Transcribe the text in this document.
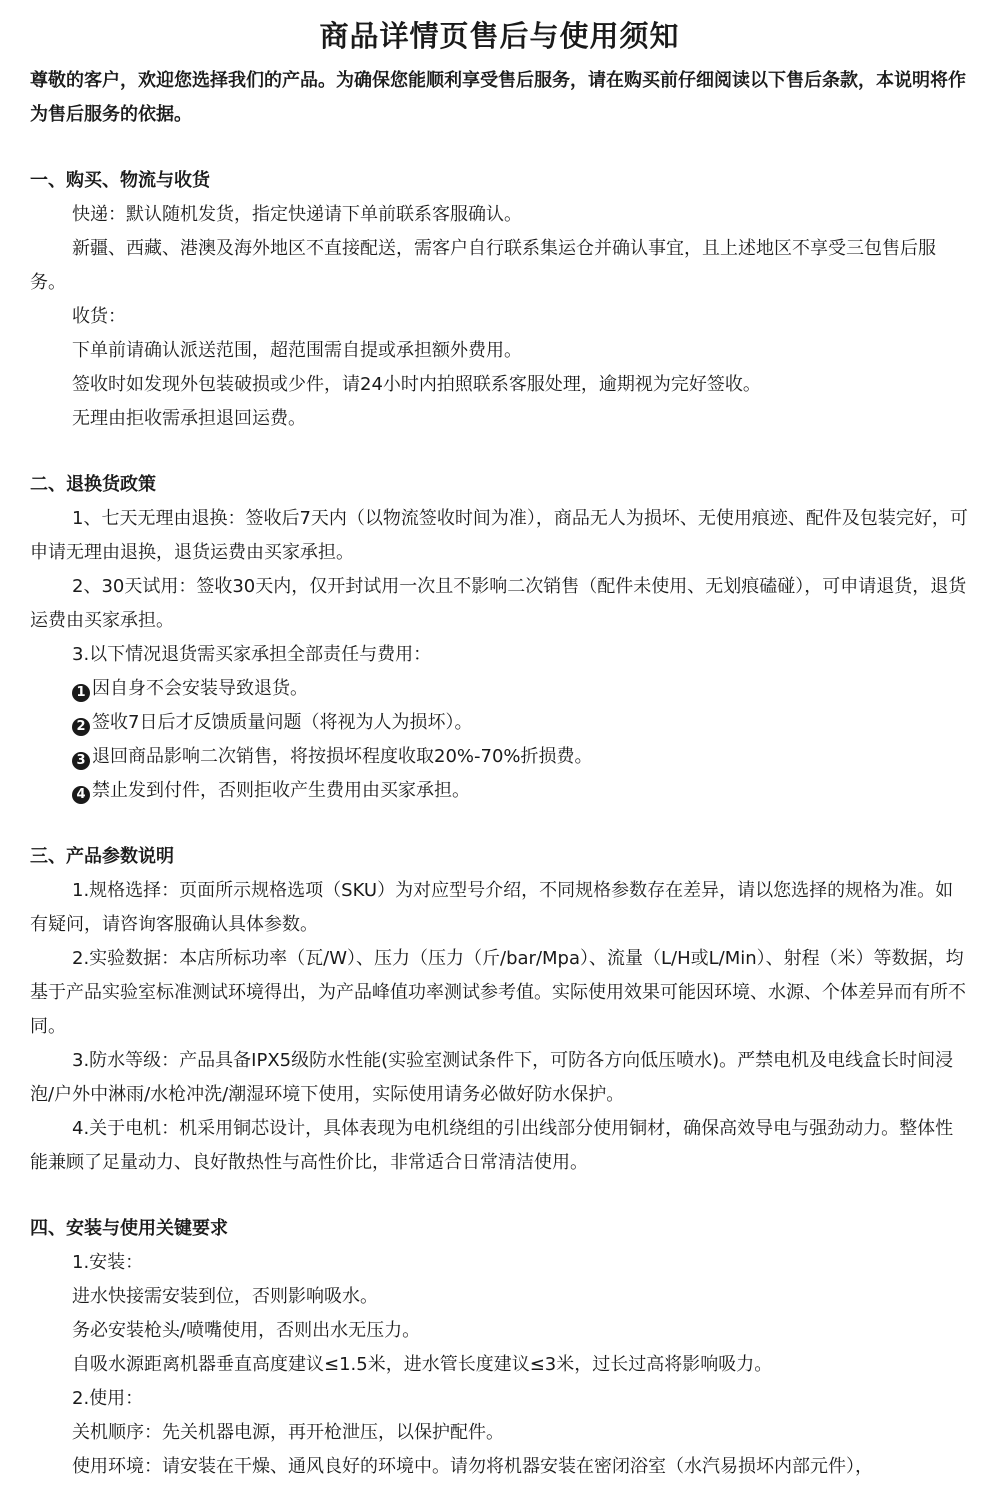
商品详情页售后与使用须知

尊敬的客户，欢迎您选择我们的产品。为确保您能顺利享受售后服务，请在购买前仔细阅读以下售后条款，本说明将作为售后服务的依据。

一、购买、物流与收货

快递：默认随机发货，指定快递请下单前联系客服确认。

新疆、西藏、港澳及海外地区不直接配送，需客户自行联系集运仓并确认事宜，且上述地区不享受三包售后服务。

收货：

下单前请确认派送范围，超范围需自提或承担额外费用。

签收时如发现外包装破损或少件，请24小时内拍照联系客服处理，逾期视为完好签收。

无理由拒收需承担退回运费。

二、退换货政策

1、七天无理由退换：签收后7天内（以物流签收时间为准），商品无人为损坏、无使用痕迹、配件及包装完好，可申请无理由退换，退货运费由买家承担。

2、30天试用：签收30天内，仅开封试用一次且不影响二次销售（配件未使用、无划痕磕碰），可申请退货，退货运费由买家承担。

3.以下情况退货需买家承担全部责任与费用：

1 因自身不会安装导致退货。

2 签收7日后才反馈质量问题（将视为人为损坏）。

3 退回商品影响二次销售，将按损坏程度收取20%-70%折损费。

4 禁止发到付件，否则拒收产生费用由买家承担。

三、产品参数说明

1.规格选择：页面所示规格选项（SKU）为对应型号介绍，不同规格参数存在差异，请以您选择的规格为准。如有疑问，请咨询客服确认具体参数。

2.实验数据：本店所标功率（瓦/W）、压力（压力（斤/bar/Mpa）、流量（L/H或L/Min）、射程（米）等数据，均基于产品实验室标准测试环境得出，为产品峰值功率测试参考值。实际使用效果可能因环境、水源、个体差异而有所不同。

3.防水等级：产品具备IPX5级防水性能(实验室测试条件下，可防各方向低压喷水)。严禁电机及电线盒长时间浸泡/户外中淋雨/水枪冲洗/潮湿环境下使用，实际使用请务必做好防水保护。

4.关于电机：机采用铜芯设计，具体表现为电机绕组的引出线部分使用铜材，确保高效导电与强劲动力。整体性能兼顾了足量动力、良好散热性与高性价比，非常适合日常清洁使用。

四、安装与使用关键要求

1.安装：

进水快接需安装到位，否则影响吸水。

务必安装枪头/喷嘴使用，否则出水无压力。

自吸水源距离机器垂直高度建议≤1.5米，进水管长度建议≤3米，过长过高将影响吸力。

2.使用：

关机顺序：先关机器电源，再开枪泄压，以保护配件。

使用环境：请安装在干燥、通风良好的环境中。请勿将机器安装在密闭浴室（水汽易损坏内部元件），
